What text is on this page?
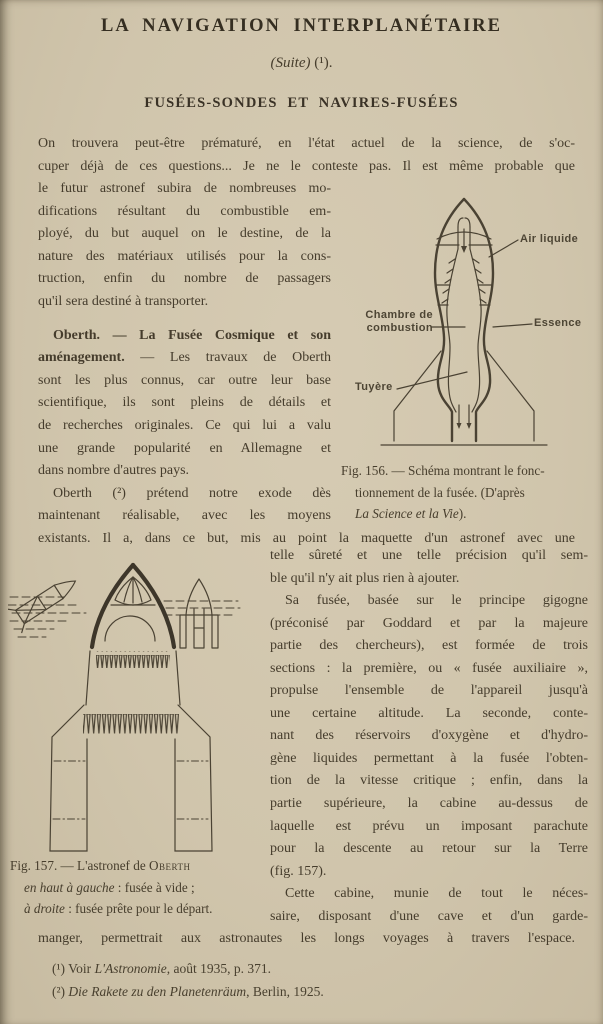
LA NAVIGATION INTERPLANÉTAIRE
(Suite) (¹).
FUSÉES-SONDES ET NAVIRES-FUSÉES
On trouvera peut-être prématuré, en l'état actuel de la science, de s'oc-
cuper déjà de ces questions... Je ne le conteste pas. Il est même probable que
Air liquide
Chambre de combustion	Essence
Tuyère
Fig. 156. — Schéma montrant le fonc-
tionnement de la fusée. (D'après
La Science et la Vie).
le futur astronef subira de nombreuses mo-
difications résultant du combustible em-
ployé, du but auquel on le destine, de la
nature des matériaux utilisés pour la cons-
truction, enfin du nombre de passagers
qu'il sera destiné à transporter.
Oberth. — La Fusée Cosmique et son
aménagement. — Les travaux de Oberth
sont les plus connus, car outre leur base
scientifique, ils sont pleins de détails et
de recherches originales. Ce qui lui a valu
une grande popularité en Allemagne et
dans nombre d'autres pays.
Oberth (²) prétend notre exode dès
maintenant réalisable, avec les moyens
existants. Il a, dans ce but, mis au point la maquette d'un astronef avec une
Fig. 157. — L'astronef de Oberth
en haut à gauche : fusée à vide ;
à droite : fusée prête pour le départ.
telle sûreté et une telle précision qu'il sem-
ble qu'il n'y ait plus rien à ajouter.
Sa fusée, basée sur le principe gigogne
(préconisé par Goddard et par la majeure
partie des chercheurs), est formée de trois
sections : la première, ou « fusée auxiliaire »,
propulse l'ensemble de l'appareil jusqu'à
une certaine altitude. La seconde, conte-
nant des réservoirs d'oxygène et d'hydro-
gène liquides permettant à la fusée l'obten-
tion de la vitesse critique ; enfin, dans la
partie supérieure, la cabine au-dessus de
laquelle est prévu un imposant parachute
pour la descente au retour sur la Terre
(fig. 157).
Cette cabine, munie de tout le néces-
saire, disposant d'une cave et d'un garde-
manger, permettrait aux astronautes les longs voyages à travers l'espace.
(¹) Voir L'Astronomie, août 1935, p. 371.
(²) Die Rakete zu den Planetenräum, Berlin, 1925.
